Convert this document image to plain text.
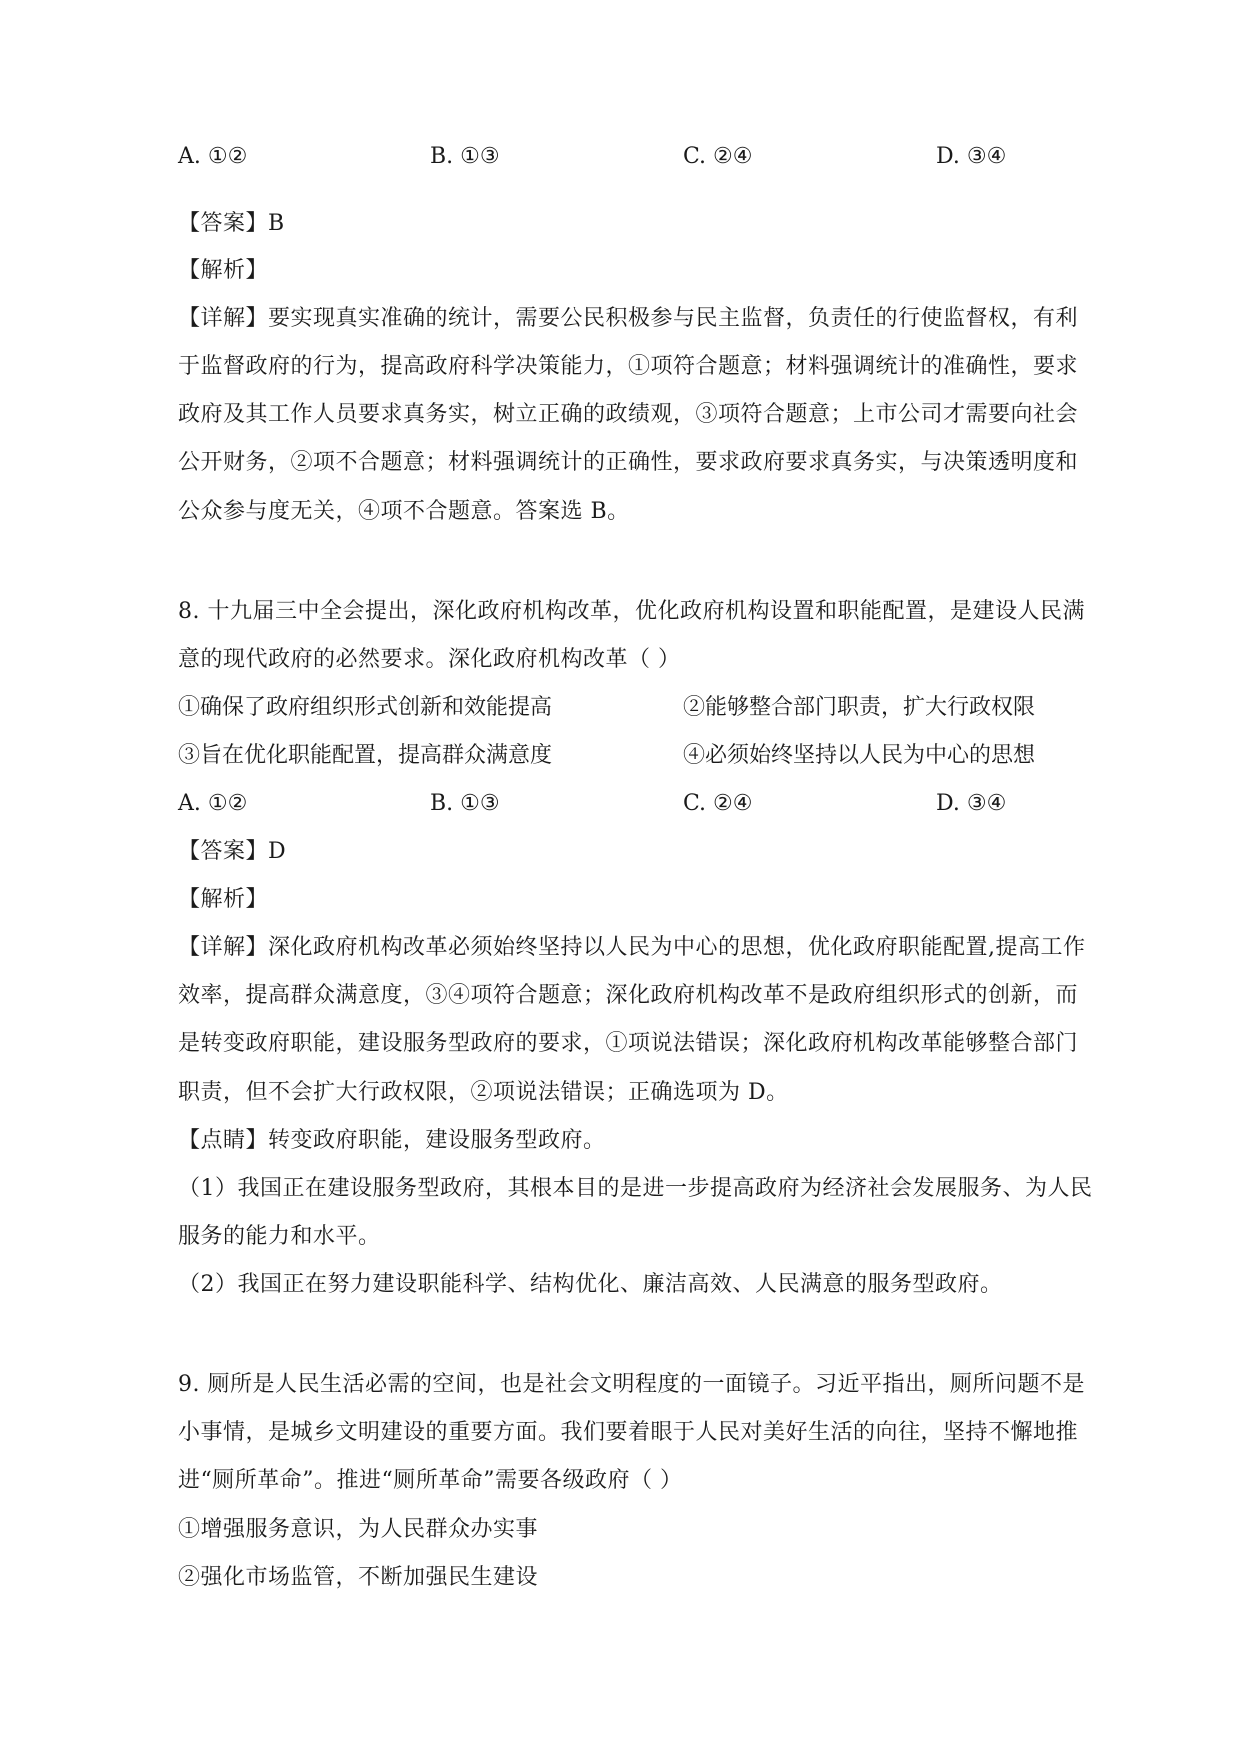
A. ①②	B. ①③	C. ②④	D. ③④
【答案】B
【解析】
【详解】要实现真实准确的统计，需要公民积极参与民主监督，负责任的行使监督权，有利
于监督政府的行为，提高政府科学决策能力，①项符合题意；材料强调统计的准确性，要求
政府及其工作人员要求真务实，树立正确的政绩观，③项符合题意；上市公司才需要向社会
公开财务，②项不合题意；材料强调统计的正确性，要求政府要求真务实，与决策透明度和
公众参与度无关，④项不合题意。答案选 B。
8. 十九届三中全会提出，深化政府机构改革，优化政府机构设置和职能配置，是建设人民满
意的现代政府的必然要求。深化政府机构改革（ ）
①确保了政府组织形式创新和效能提高	②能够整合部门职责，扩大行政权限
③旨在优化职能配置，提高群众满意度	④必须始终坚持以人民为中心的思想
A. ①②	B. ①③	C. ②④	D. ③④
【答案】D
【解析】
【详解】深化政府机构改革必须始终坚持以人民为中心的思想，优化政府职能配置,提高工作
效率，提高群众满意度，③④项符合题意；深化政府机构改革不是政府组织形式的创新，而
是转变政府职能，建设服务型政府的要求，①项说法错误；深化政府机构改革能够整合部门
职责，但不会扩大行政权限，②项说法错误；正确选项为 D。
【点睛】转变政府职能，建设服务型政府。
（1）我国正在建设服务型政府，其根本目的是进一步提高政府为经济社会发展服务、为人民
服务的能力和水平。
（2）我国正在努力建设职能科学、结构优化、廉洁高效、人民满意的服务型政府。
9. 厕所是人民生活必需的空间，也是社会文明程度的一面镜子。习近平指出，厕所问题不是
小事情，是城乡文明建设的重要方面。我们要着眼于人民对美好生活的向往，坚持不懈地推
进“厕所革命”。推进“厕所革命”需要各级政府（ ）
①增强服务意识，为人民群众办实事
②强化市场监管，不断加强民生建设
